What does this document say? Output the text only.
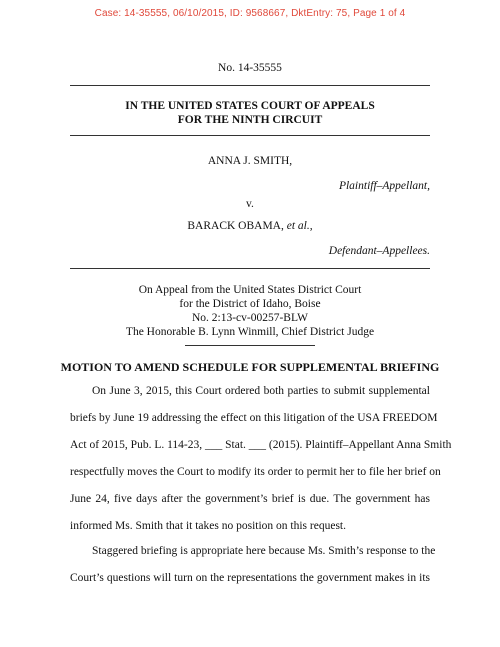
Case: 14-35555, 06/10/2015, ID: 9568667, DktEntry: 75, Page 1 of 4
No. 14-35555
IN THE UNITED STATES COURT OF APPEALS
FOR THE NINTH CIRCUIT
ANNA J. SMITH,
Plaintiff–Appellant,
v.
BARACK OBAMA, et al.,
Defendant–Appellees.
On Appeal from the United States District Court
for the District of Idaho, Boise
No. 2:13-cv-00257-BLW
The Honorable B. Lynn Winmill, Chief District Judge
MOTION TO AMEND SCHEDULE FOR SUPPLEMENTAL BRIEFING
On June 3, 2015, this Court ordered both parties to submit supplemental
briefs by June 19 addressing the effect on this litigation of the USA FREEDOM
Act of 2015, Pub. L. 114-23, ___ Stat. ___ (2015). Plaintiff–Appellant Anna Smith
respectfully moves the Court to modify its order to permit her to file her brief on
June 24, five days after the government’s brief is due. The government has
informed Ms. Smith that it takes no position on this request.
Staggered briefing is appropriate here because Ms. Smith’s response to the
Court’s questions will turn on the representations the government makes in its
